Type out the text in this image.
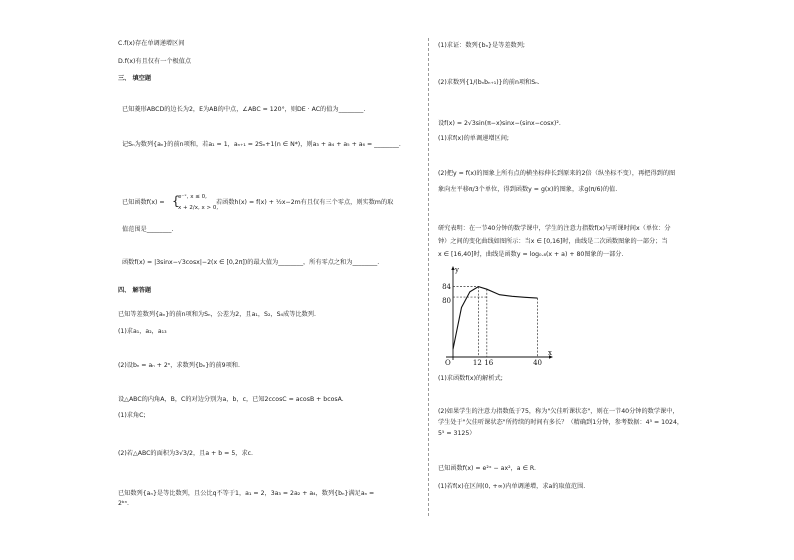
C.f(x)存在单调递增区间
D.f(x)有且仅有一个极值点
三、 填空题
已知菱形ABCD的边长为2，E为AB的中点，∠ABC = 120°，则DE · AC的值为________.
记Sₙ为数列{aₙ}的前n项和，若a₁ = 1，aₙ₊₁ = 2Sₙ+1(n ∈ N*)，则a₃ + a₄ + a₅ + a₆ = ________.
已知函数f(x) = {
e⁻ˣ, x ≤ 0,
x + 2/x, x > 0,
若函数h(x) = f(x) + ½x−2m有且仅有三个零点，则实数m的取
值范围是________.
函数f(x) = |3sinx−√3cosx|−2(x ∈ [0,2π])的最大值为________，所有零点之和为________.
四、 解答题
已知等差数列{aₙ}的前n项和为Sₙ，公差为2，且a₁，S₂，S₄成等比数列.
(1)求a₁，a₂，a₁₃
(2)设bₙ = aₙ + 2ⁿ，求数列{bₙ}的前9项和.
设△ABC的内角A，B，C的对边分别为a，b，c，已知2ccosC = acosB + bcosA.
(1)求角C;
(2)若△ABC的面积为3√3/2，且a + b = 5，求c.
已知数列{aₙ}是等比数列，且公比q不等于1，a₁ = 2，3a₃ = 2a₂ + a₄，数列{bₙ}满足aₙ =
2ᵇⁿ.
(1)求证：数列{bₙ}是等差数列;
(2)求数列{1/(bₙbₙ₊₁)}的前n项和Sₙ.
设f(x) = 2√3sin(π−x)sinx−(sinx−cosx)².
(1)求f(x)的单调递增区间;
(2)把y = f(x)的图象上所有点的横坐标伸长到原来的2倍（纵坐标不变），再把得到的图
象向左平移π/3个单位，得到函数y = g(x)的图象，求g(π/6)的值.
研究表明：在一节40分钟的数学课中，学生的注意力指数f(x)与听课时间x（单位：分
钟）之间的变化曲线如图所示：当x ∈ [0,16]时，曲线是二次函数图象的一部分；当
x ∈ [16,40]时，曲线是函数y = log₀.₈(x + a) + 80图象的一部分.
x
y
O	12 16	40
84
80
(1)求函数f(x)的解析式;
(2)如果学生的注意力指数低于75，称为"欠佳听课状态"，则在一节40分钟的数学课中，
学生处于"欠佳听课状态"所持续的时间有多长？（精确到1分钟，参考数据：4⁵ = 1024，
5⁵ = 3125）
已知函数f(x) = e²ˣ − ax²，a ∈ R.
(1)若f(x)在区间(0, +∞)内单调递增，求a的取值范围.
